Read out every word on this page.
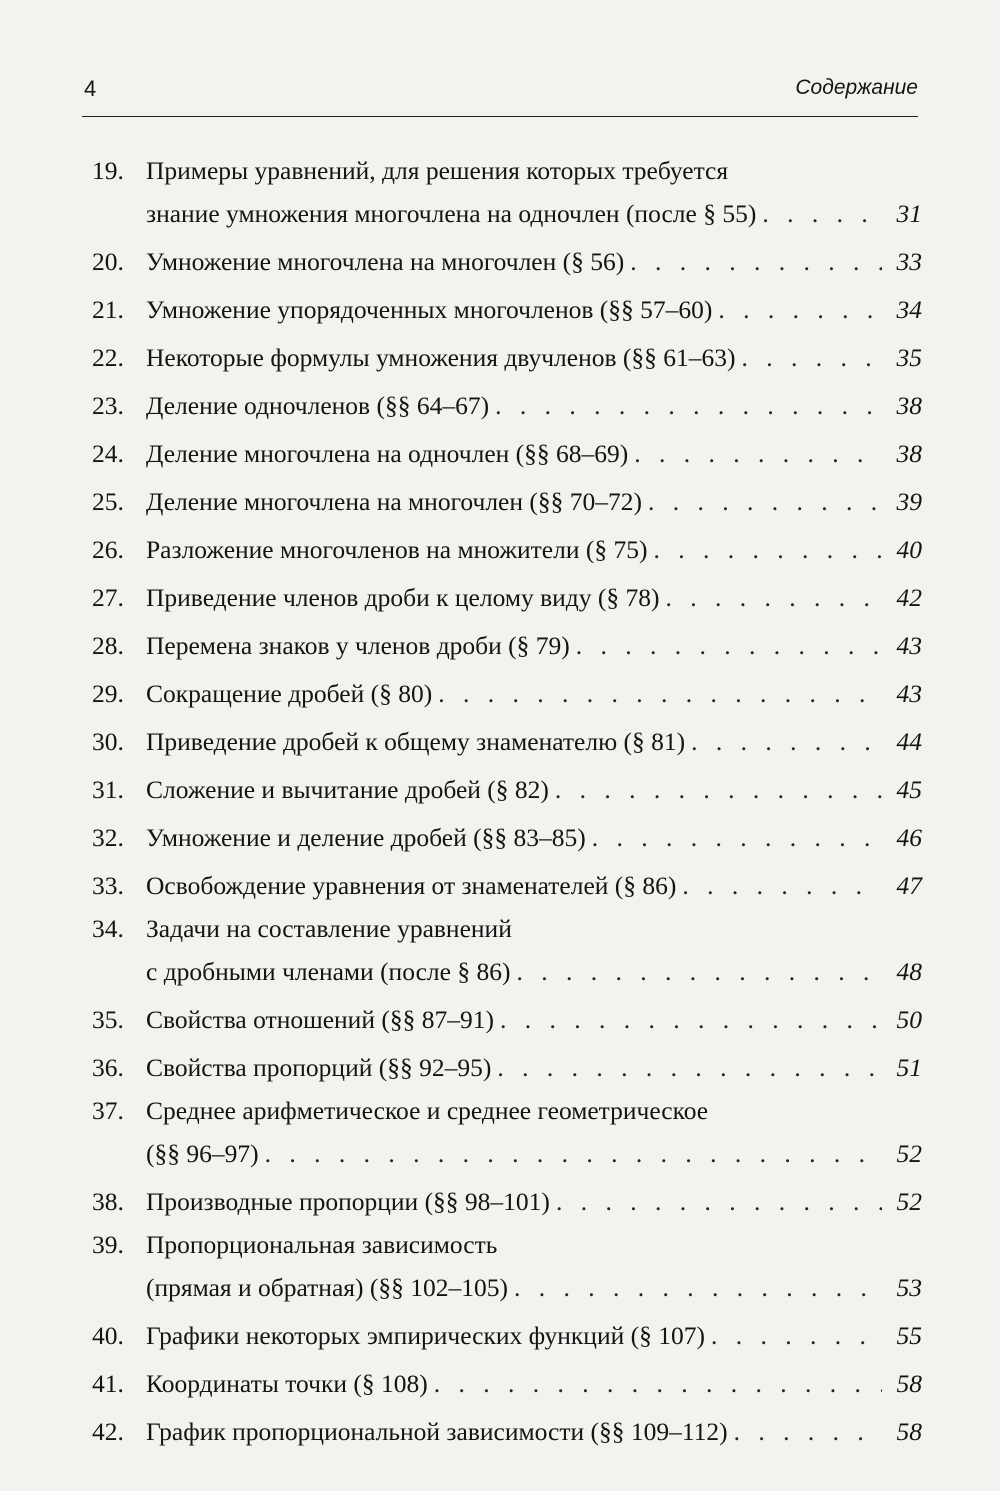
4	Содержание
19. Примеры уравнений, для решения которых требуется
знание умножения многочлена на одночлен (после § 55) . . .	31
20. Умножение многочлена на многочлен (§ 56) . . .	33
21. Умножение упорядоченных многочленов (§§ 57–60) . . .	34
22. Некоторые формулы умножения двучленов (§§ 61–63) . . .	35
23. Деление одночленов (§§ 64–67) . . .	38
24. Деление многочлена на одночлен (§§ 68–69) . . .	38
25. Деление многочлена на многочлен (§§ 70–72) . . .	39
26. Разложение многочленов на множители (§ 75) . . .	40
27. Приведение членов дроби к целому виду (§ 78) . . .	42
28. Перемена знаков у членов дроби (§ 79) . . .	43
29. Сокращение дробей (§ 80) . . .	43
30. Приведение дробей к общему знаменателю (§ 81) . . .	44
31. Сложение и вычитание дробей (§ 82) . . .	45
32. Умножение и деление дробей (§§ 83–85) . . .	46
33. Освобождение уравнения от знаменателей (§ 86) . . .	47
34. Задачи на составление уравнений
с дробными членами (после § 86) . . .	48
35. Свойства отношений (§§ 87–91) . . .	50
36. Свойства пропорций (§§ 92–95) . . .	51
37. Среднее арифметическое и среднее геометрическое
(§§ 96–97) . . .	52
38. Производные пропорции (§§ 98–101) . . .	52
39. Пропорциональная зависимость
(прямая и обратная) (§§ 102–105) . . .	53
40. Графики некоторых эмпирических функций (§ 107) . . .	55
41. Координаты точки (§ 108) . . .	58
42. График пропорциональной зависимости (§§ 109–112) . . .	58
